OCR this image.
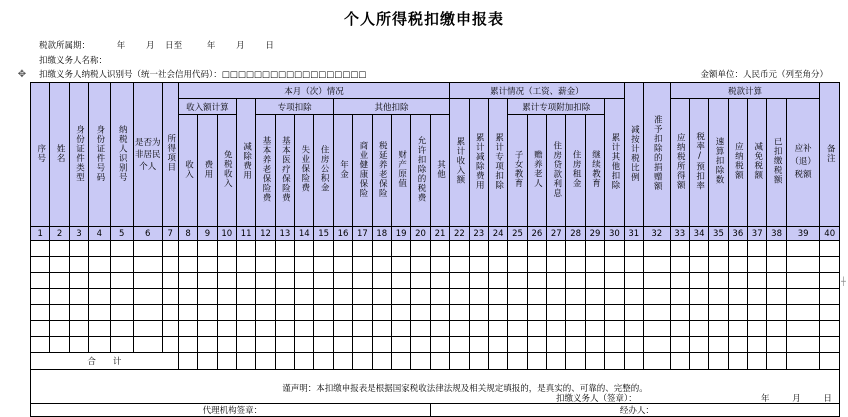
个人所得税扣缴申报表
税款所属期：	年 月 日至	年 月 日
扣缴义务人名称：
扣缴义务人纳税人识别号（统一社会信用代码）：□□□□□□□□□□□□□□□□□□	金额单位：人民币元（列至角分）
✥
序号	姓名	身份证件类型	身份证件号码	纳税人识别号	是否为非居民个人	所得项目	本月（次）情况														累计情况（工资、薪金）									减按计税比例	准予扣除的捐赠额	税款计算							备注
							收入额计算			减除费用	专项扣除				其他扣除						累计收入额	累计减除费用	累计专项扣除	累计专项附加扣除					累计其他扣除			应纳税所得额	税率/预扣率	速算扣除数	应纳税额	减免税额	已扣缴税额	应补（退）税额	
							收入	费用	免税收入		基本养老保险费	基本医疗保险费	失业保险费	住房公积金	年金	商业健康保险	税延养老保险	财产原值	允许扣除的税费	其他				子女教育	赡养老人	住房贷款利息	住房租金	继续教育											
1	2	3	4	5	6	7	8	9	10	11	12	13	14	15	16	17	18	19	20	21	22	23	24	25	26	27	28	29	30	31	32	33	34	35	36	37	38	39	40

合　　计																																							

谨声明：本扣缴申报表是根据国家税收法律法规及相关规定填报的，是真实的、可靠的、完整的。
扣缴义务人（签章）： 年 月 日																																							

代理机构签章：																				经办人：																			
┼
